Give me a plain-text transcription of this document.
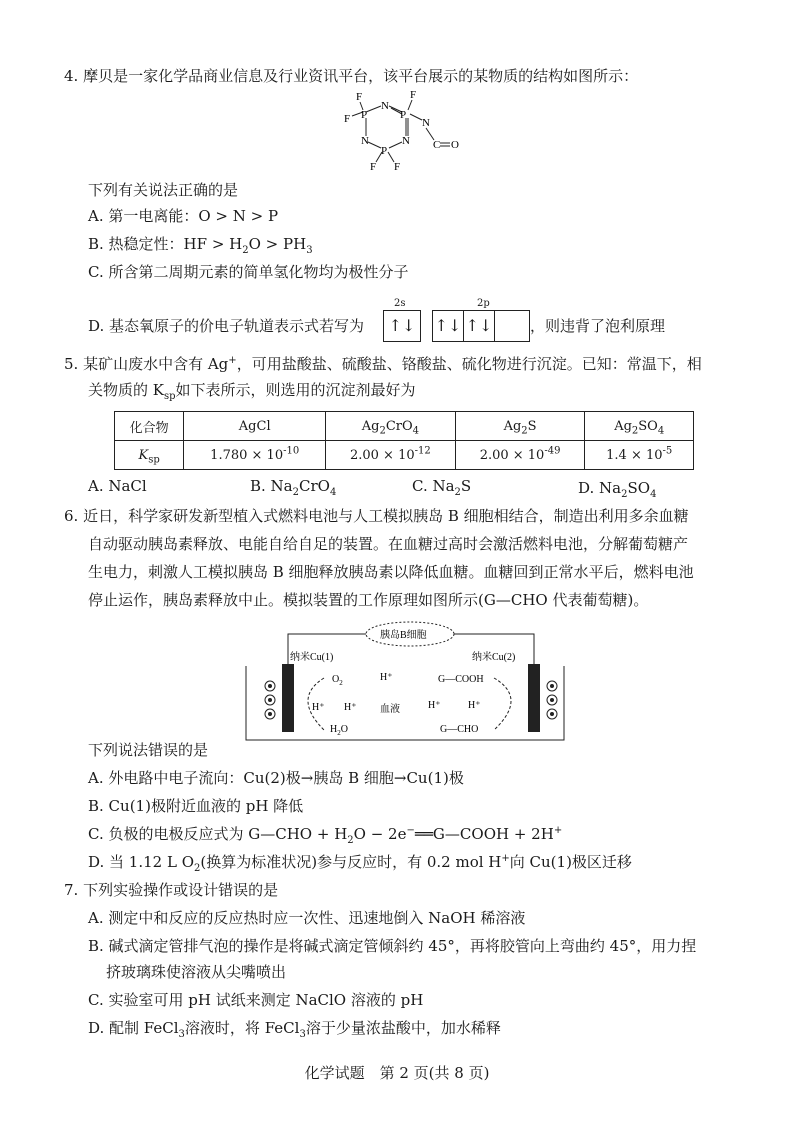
4. 摩贝是一家化学品商业信息及行业资讯平台，该平台展示的某物质的结构如图所示：
F
F P
N
P
F
N
N	N
P	C O
F F
下列有关说法正确的是
A. 第一电离能：O > N > P
B. 热稳定性：HF > $H_2O > PH_3$
C. 所含第二周期元素的简单氢化物均为极性分子
D. 基态氧原子的价电子轨道表示式若写为
2s	2p
↑↓ ↑↓ ↑↓	，则违背了泡利原理
5. 某矿山废水中含有 Ag+，可用盐酸盐、硫酸盐、铬酸盐、硫化物进行沉淀。已知：常温下，相
关物质的 $K_{sp}$如下表所示，则选用的沉淀剂最好为
化合物	AgCl	$Ag_2CrO_4$	$Ag_2S$	$Ag_2SO_4$
$K_{sp}$	$1.780 \times 10^{-10}$	$2.00 \times 10^{-12}$	$2.00 \times 10^{-49}$	$1.4 \times 10^{-5}$
A. NaCl	B. $Na_2CrO_4$	C. $Na_2S$	D. $Na_2SO_4$
6. 近日，科学家研发新型植入式燃料电池与人工模拟胰岛 B 细胞相结合，制造出利用多余血糖
自动驱动胰岛素释放、电能自给自足的装置。在血糖过高时会激活燃料电池，分解葡萄糖产
生电力，刺激人工模拟胰岛 B 细胞释放胰岛素以降低血糖。血糖回到正常水平后，燃料电池
停止运作，胰岛素释放中止。模拟装置的工作原理如图所示(G—CHO 代表葡萄糖)。
胰岛B细胞
纳米Cu(1)	纳米Cu(2)
$O_2$	H⁺
H⁺ H⁺	H⁺
$H_2O$
血液
G—COOH
G—CHO
H⁺
下列说法错误的是
A. 外电路中电子流向：Cu(2)极→胰岛 B 细胞→Cu(1)极
B. Cu(1)极附近血液的 pH 降低
C. 负极的电极反应式为 G—CHO + $H_2O$ − 2e−══G—COOH + 2H+
D. 当 1.12 L $O_2$(换算为标准状况)参与反应时，有 0.2 mol H+向 Cu(1)极区迁移
7. 下列实验操作或设计错误的是
A. 测定中和反应的反应热时应一次性、迅速地倒入 NaOH 稀溶液
B. 碱式滴定管排气泡的操作是将碱式滴定管倾斜约 45°，再将胶管向上弯曲约 45°，用力捏
挤玻璃珠使溶液从尖嘴喷出
C. 实验室可用 pH 试纸来测定 NaClO 溶液的 pH
D. 配制 FeCl$_3$溶液时，将 FeCl$_3$溶于少量浓盐酸中，加水稀释
化学试题　第 2 页(共 8 页)
